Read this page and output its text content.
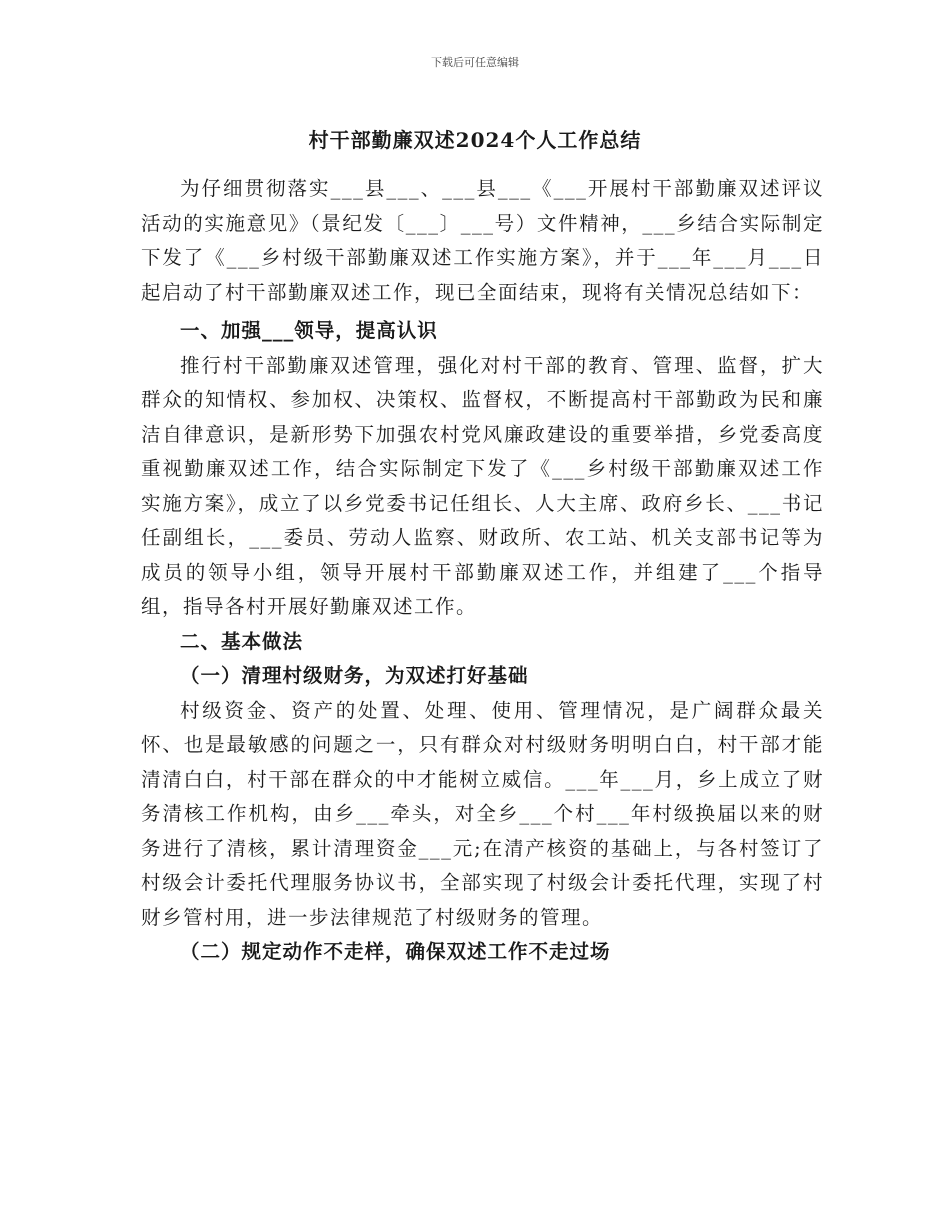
下载后可任意编辑
村干部勤廉双述2024个人工作总结

为仔细贯彻落实___县___、___县___《___开展村干部勤廉双述评议活动的实施意见》（景纪发〔___〕___号）文件精神，___乡结合实际制定下发了《___乡村级干部勤廉双述工作实施方案》，并于___年___月___日起启动了村干部勤廉双述工作，现已全面结束，现将有关情况总结如下：

一、加强___领导，提高认识

推行村干部勤廉双述管理，强化对村干部的教育、管理、监督，扩大群众的知情权、参加权、决策权、监督权，不断提高村干部勤政为民和廉洁自律意识，是新形势下加强农村党风廉政建设的重要举措，乡党委高度重视勤廉双述工作，结合实际制定下发了《___乡村级干部勤廉双述工作实施方案》，成立了以乡党委书记任组长、人大主席、政府乡长、___书记任副组长，___委员、劳动人监察、财政所、农工站、机关支部书记等为成员的领导小组，领导开展村干部勤廉双述工作，并组建了___个指导组，指导各村开展好勤廉双述工作。

二、基本做法

（一）清理村级财务，为双述打好基础

村级资金、资产的处置、处理、使用、管理情况，是广阔群众最关怀、也是最敏感的问题之一，只有群众对村级财务明明白白，村干部才能清清白白，村干部在群众的中才能树立威信。___年___月，乡上成立了财务清核工作机构，由乡___牵头，对全乡___个村___年村级换届以来的财务进行了清核，累计清理资金___元;在清产核资的基础上，与各村签订了村级会计委托代理服务协议书，全部实现了村级会计委托代理，实现了村财乡管村用，进一步法律规范了村级财务的管理。

（二）规定动作不走样，确保双述工作不走过场
